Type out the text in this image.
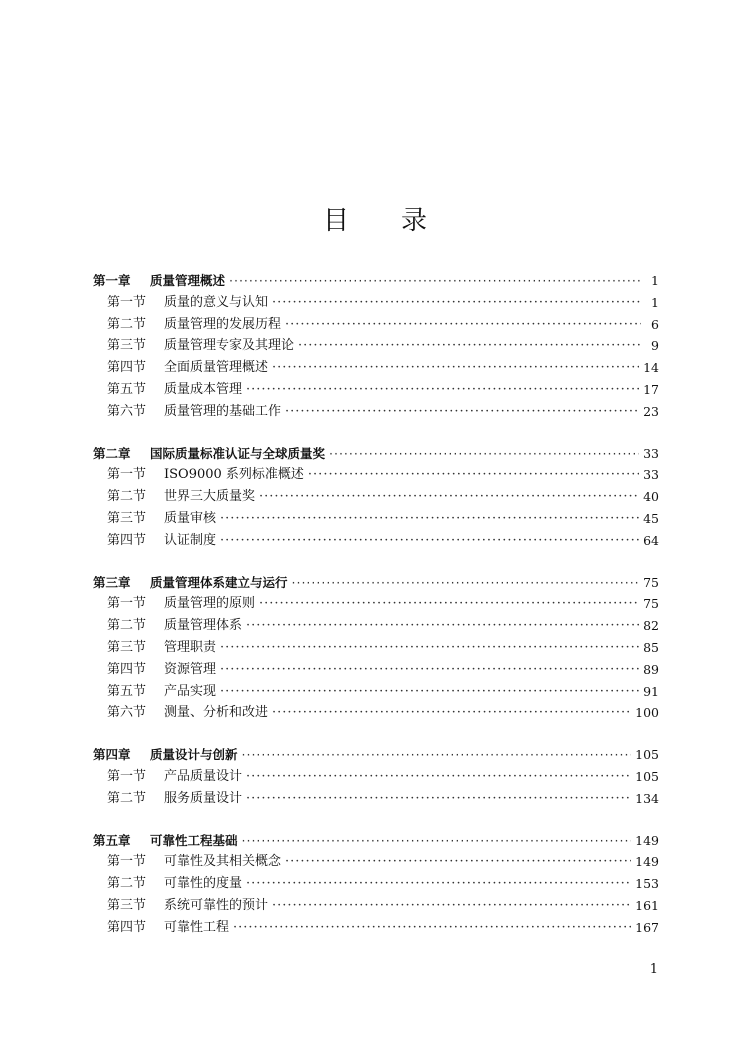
目 录
第一章	质量管理概述 ·····	1
第一节	质量的意义与认知 ·····	1
第二节	质量管理的发展历程 ·····	6
第三节	质量管理专家及其理论 ·····	9
第四节	全面质量管理概述 ·····	14
第五节	质量成本管理 ·····	17
第六节	质量管理的基础工作 ·····	23
第二章	国际质量标准认证与全球质量奖 ·····	33
第一节	ISO9000 系列标准概述 ·····	33
第二节	世界三大质量奖 ·····	40
第三节	质量审核 ·····	45
第四节	认证制度 ·····	64
第三章	质量管理体系建立与运行 ·····	75
第一节	质量管理的原则 ·····	75
第二节	质量管理体系 ·····	82
第三节	管理职责 ·····	85
第四节	资源管理 ·····	89
第五节	产品实现 ·····	91
第六节	测量、分析和改进 ·····	100
第四章	质量设计与创新 ·····	105
第一节	产品质量设计 ·····	105
第二节	服务质量设计 ·····	134
第五章	可靠性工程基础 ·····	149
第一节	可靠性及其相关概念 ·····	149
第二节	可靠性的度量 ·····	153
第三节	系统可靠性的预计 ·····	161
第四节	可靠性工程 ·····	167
1
